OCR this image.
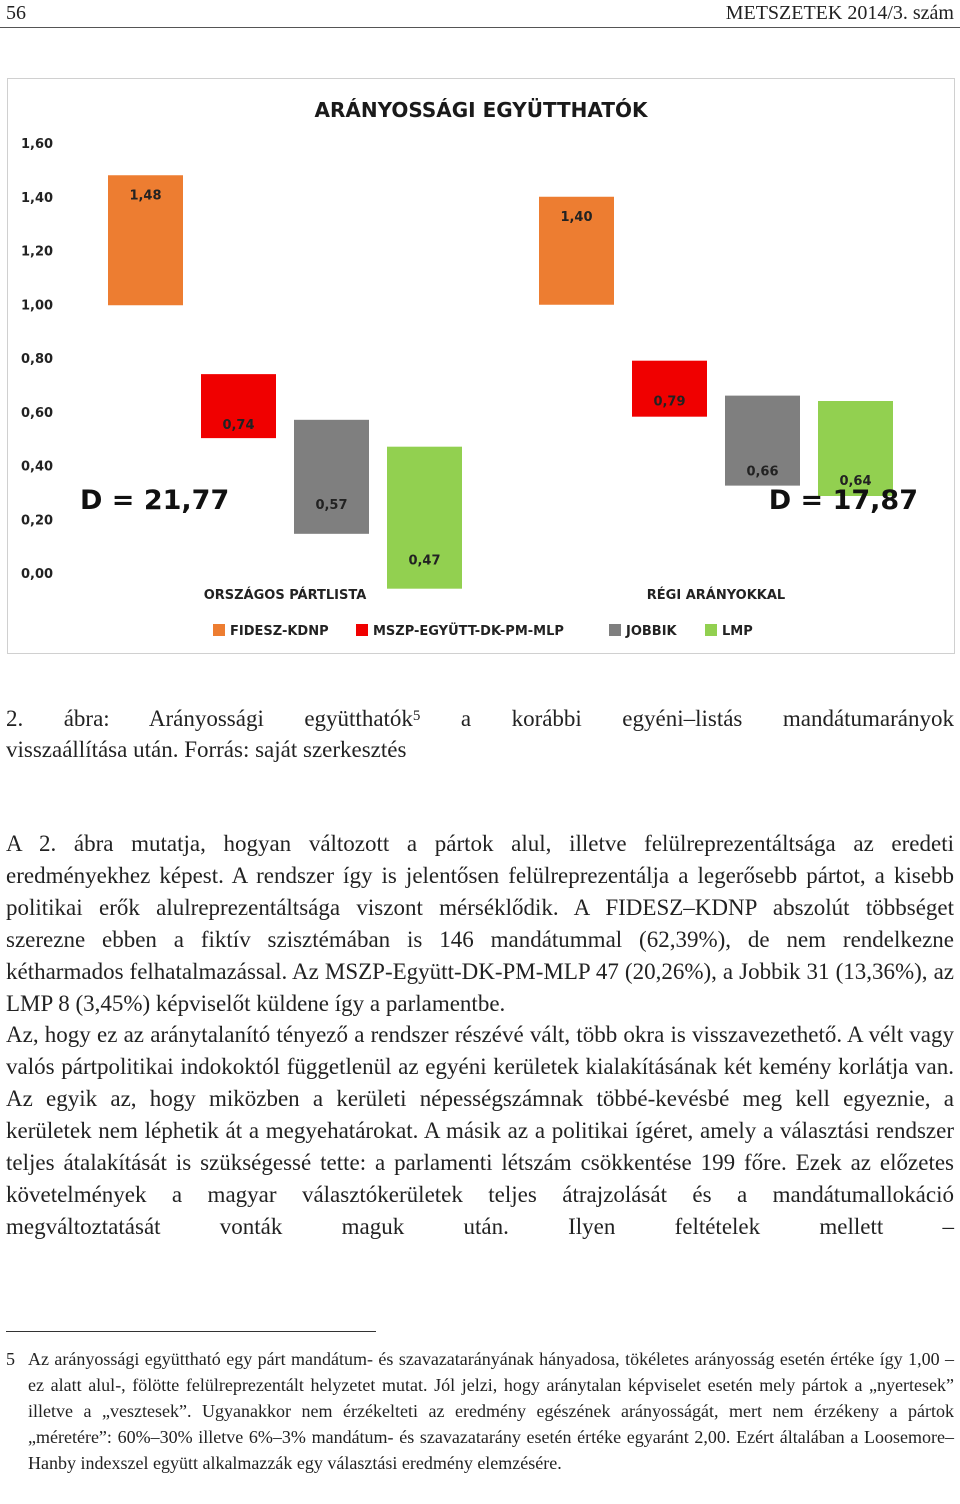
56	METSZETEK 2014/3. szám
ARÁNYOSSÁGI EGYÜTTHATÓK
0,00
0,20
0,40
0,60
0,80
1,00
1,20
1,40
1,60
1,48
0,74
0,57
0,47
1,40
0,79
0,66
0,64
D = 21,77	D = 17,87
ORSZÁGOS PÁRTLISTA	RÉGI ARÁNYOKKAL
FIDESZ-KDNP	MSZP-EGYÜTT-DK-PM-MLP	JOBBIK	LMP
2. ábra: Arányossági együtthatók$^5$ a korábbi egyéni–listás mandátumarányok
visszaállítása után. Forrás: saját szerkesztés

A 2. ábra mutatja, hogyan változott a pártok alul, illetve felülreprezentáltsága az eredeti eredményekhez képest. A rendszer így is jelentősen felülreprezentálja a legerősebb pártot, a kisebb politikai erők alulreprezentáltsága viszont mérséklődik. A FIDESZ–KDNP abszolút többséget szerezne ebben a fiktív szisztémában is 146 mandátummal (62,39%), de nem rendelkezne kétharmados felhatalmazással. Az MSZP-Együtt-DK-PM-MLP 47 (20,26%), a Jobbik 31 (13,36%), az LMP 8 (3,45%) képviselőt küldene így a parlamentbe.

Az, hogy ez az aránytalanító tényező a rendszer részévé vált, több okra is visszavezethető. A vélt vagy valós pártpolitikai indokoktól függetlenül az egyéni kerületek kialakításának két kemény korlátja van. Az egyik az, hogy miközben a kerületi népességszámnak többé-kevésbé meg kell egyeznie, a kerületek nem léphetik át a megyehatárokat. A másik az a politikai ígéret, amely a választási rendszer teljes átalakítását is szükségessé tette: a parlamenti létszám csökkentése 199 főre. Ezek az előzetes követelmények a magyar választókerületek teljes átrajzolását és a mandátumallokáció megváltoztatását vonták maguk után. Ilyen feltételek mellett –

5 Az arányossági együttható egy párt mandátum- és szavazatarányának hányadosa, tökéletes arányosság esetén értéke így 1,00 – ez alatt alul-, fölötte felülreprezentált helyzetet mutat. Jól jelzi, hogy aránytalan képviselet esetén mely pártok a „nyertesek” illetve a „vesztesek”. Ugyanakkor nem érzékelteti az eredmény egészének arányosságát, mert nem érzékeny a pártok „méretére”: 60%–30% illetve 6%–3% mandátum- és szavazatarány esetén értéke egyaránt 2,00. Ezért általában a Loosemore–Hanby indexszel együtt alkalmazzák egy választási eredmény elemzésére.
